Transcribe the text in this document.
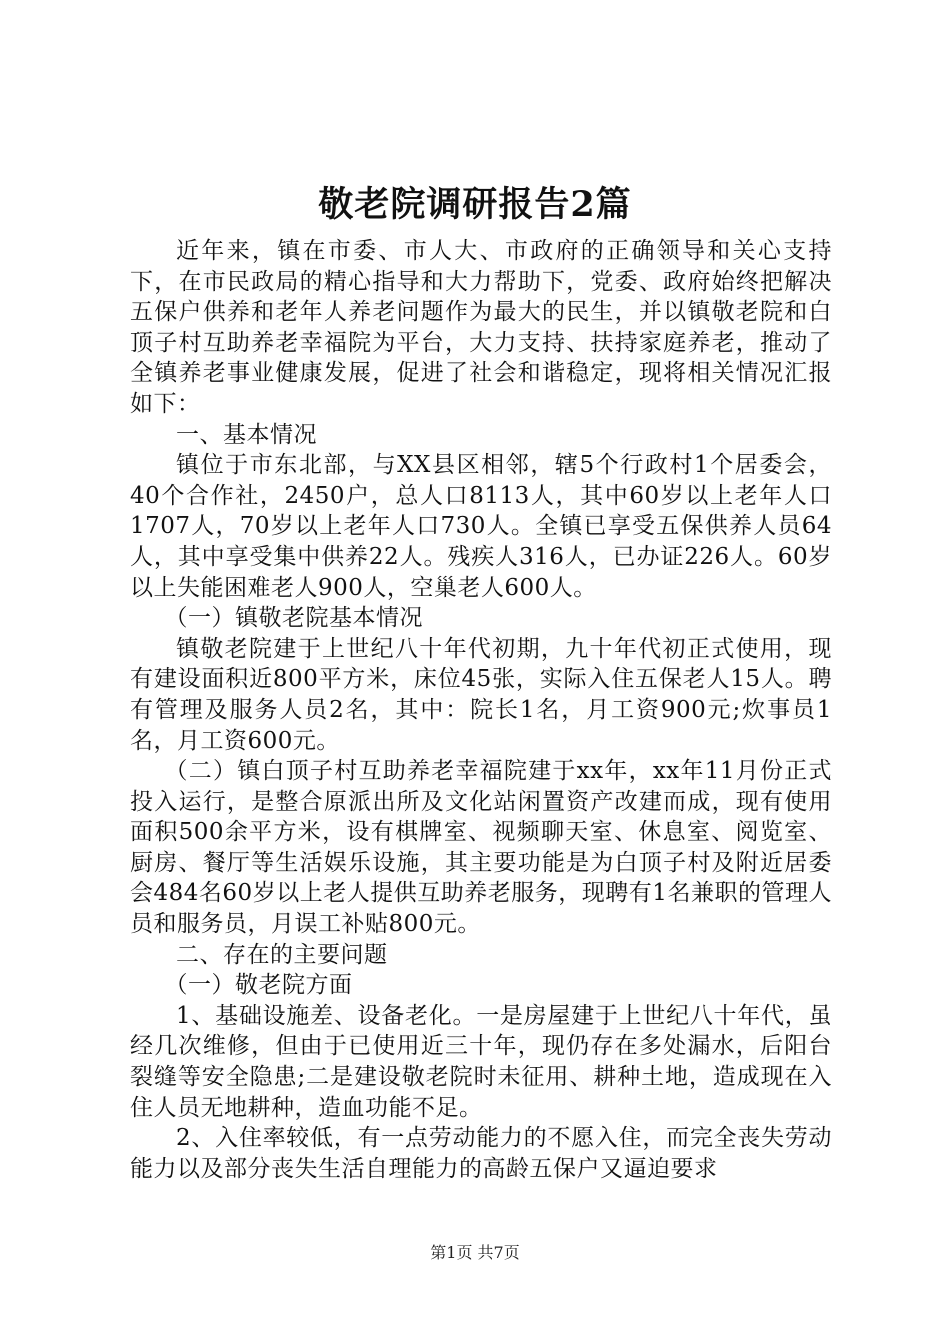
敬老院调研报告2篇

近年来，镇在市委、市人大、市政府的正确领导和关心支持下，在市民政局的精心指导和大力帮助下，党委、政府始终把解决五保户供养和老年人养老问题作为最大的民生，并以镇敬老院和白顶子村互助养老幸福院为平台，大力支持、扶持家庭养老，推动了全镇养老事业健康发展，促进了社会和谐稳定，现将相关情况汇报如下：

一、基本情况

镇位于市东北部，与XX县区相邻，辖5个行政村1个居委会，40个合作社，2450户，总人口8113人，其中60岁以上老年人口1707人，70岁以上老年人口730人。全镇已享受五保供养人员64人，其中享受集中供养22人。残疾人316人，已办证226人。60岁以上失能困难老人900人，空巢老人600人。

（一）镇敬老院基本情况

镇敬老院建于上世纪八十年代初期，九十年代初正式使用，现有建设面积近800平方米，床位45张，实际入住五保老人15人。聘有管理及服务人员2名，其中：院长1名，月工资900元;炊事员1名，月工资600元。

（二）镇白顶子村互助养老幸福院建于xx年，xx年11月份正式投入运行，是整合原派出所及文化站闲置资产改建而成，现有使用面积500余平方米，设有棋牌室、视频聊天室、休息室、阅览室、厨房、餐厅等生活娱乐设施，其主要功能是为白顶子村及附近居委会484名60岁以上老人提供互助养老服务，现聘有1名兼职的管理人员和服务员，月误工补贴800元。

二、存在的主要问题

（一）敬老院方面

1、基础设施差、设备老化。一是房屋建于上世纪八十年代，虽经几次维修，但由于已使用近三十年，现仍存在多处漏水，后阳台裂缝等安全隐患;二是建设敬老院时未征用、耕种土地，造成现在入住人员无地耕种，造血功能不足。

2、入住率较低，有一点劳动能力的不愿入住，而完全丧失劳动能力以及部分丧失生活自理能力的高龄五保户又逼迫要求

第1页 共7页
